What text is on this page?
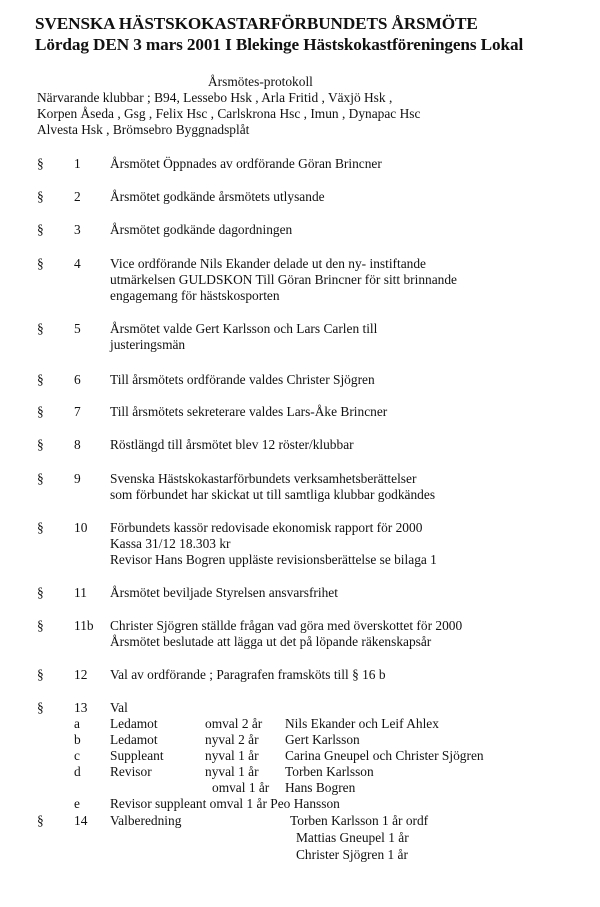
SVENSKA HÄSTSKOKASTARFÖRBUNDETS ÅRSMÖTE
Lördag DEN 3 mars 2001 I Blekinge Hästskokastföreningens Lokal
Årsmötes-protokoll
Närvarande klubbar ; B94, Lessebo Hsk , Arla Fritid , Växjö Hsk ,
Korpen Åseda , Gsg , Felix Hsc , Carlskrona Hsc , Imun , Dynapac Hsc
Alvesta Hsk , Brömsebro Byggnadsplåt
§ 1 Årsmötet Öppnades av ordförande Göran Brincner
§ 2 Årsmötet godkände årsmötets utlysande
§ 3 Årsmötet godkände dagordningen
§ 4 Vice ordförande Nils Ekander delade ut den ny- instiftande
utmärkelsen GULDSKON Till Göran Brincner för sitt brinnande
engagemang för hästskosporten
§ 5 Årsmötet valde Gert Karlsson och Lars Carlen till
justeringsmän
§ 6 Till årsmötets ordförande valdes Christer Sjögren
§ 7 Till årsmötets sekreterare valdes Lars-Åke Brincner
§ 8 Röstlängd till årsmötet blev 12 röster/klubbar
§ 9 Svenska Hästskokastarförbundets verksamhetsberättelser
som förbundet har skickat ut till samtliga klubbar godkändes
§ 10 Förbundets kassör redovisade ekonomisk rapport för 2000
Kassa 31/12 18.303 kr
Revisor Hans Bogren uppläste revisionsberättelse se bilaga 1
§ 11 Årsmötet beviljade Styrelsen ansvarsfrihet
§ 11b Christer Sjögren ställde frågan vad göra med överskottet för 2000
Årsmötet beslutade att lägga ut det på löpande räkenskapsår
§ 12 Val av ordförande ; Paragrafen framsköts till § 16 b
§ 13 Val
a Ledamot	omval 2 år Nils Ekander och Leif Ahlex
b Ledamot	nyval 2 år Gert Karlsson
c Suppleant	nyval 1 år Carina Gneupel och Christer Sjögren
d Revisor	nyval 1 år Torben Karlsson
omval 1 år Hans Bogren
e Revisor suppleant omval 1 år Peo Hansson
§ 14 Valberedning	Torben Karlsson 1 år ordf
Mattias Gneupel 1 år
Christer Sjögren 1 år
